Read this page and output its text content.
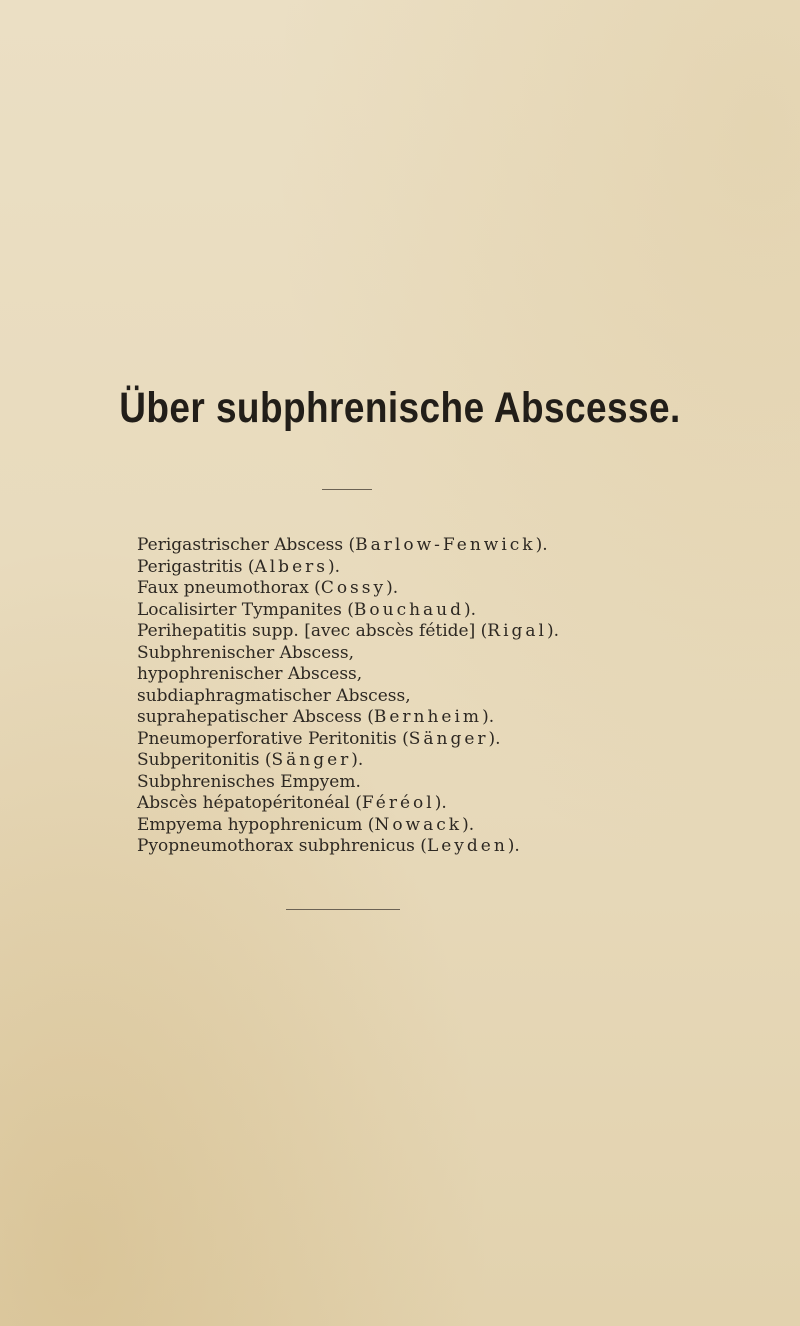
Über subphrenische Abscesse.
Perigastrischer Abscess (Barlow-Fenwick).
Perigastritis (Albers).
Faux pneumothorax (Cossy).
Localisirter Tympanites (Bouchaud).
Perihepatitis supp. [avec abscès fétide] (Rigal).
Subphrenischer Abscess,
hypophrenischer Abscess,
subdiaphragmatischer Abscess,
suprahepatischer Abscess (Bernheim).
Pneumoperforative Peritonitis (Sänger).
Subperitonitis (Sänger).
Subphrenisches Empyem.
Abscès hépatopéritonéal (Féréol).
Empyema hypophrenicum (Nowack).
Pyopneumothorax subphrenicus (Leyden).
